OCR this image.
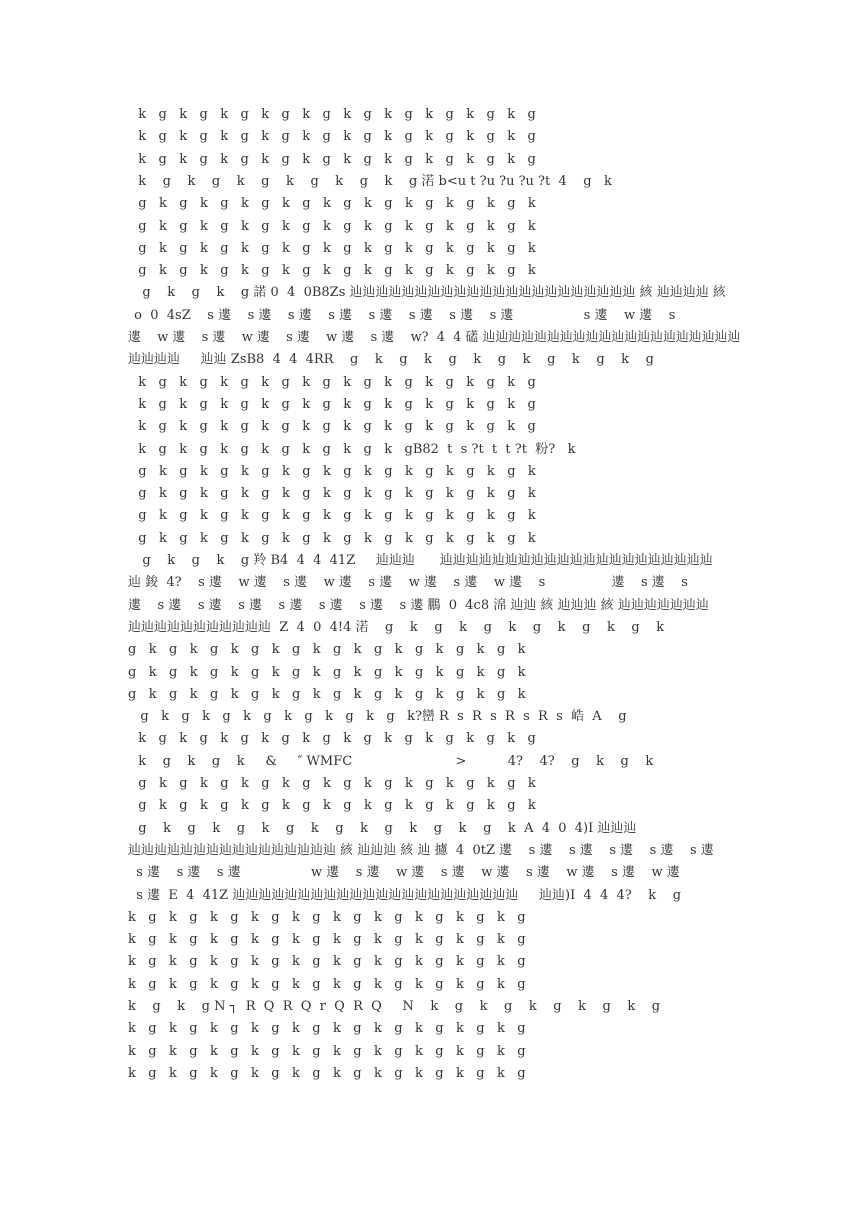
k   g   k   g   k   g   k   g   k   g   k   g   k   g   k   g   k   g   k   g
k   g   k   g   k   g   k   g   k   g   k   g   k   g   k   g   k   g   k   g
k   g   k   g   k   g   k   g   k   g   k   g   k   g   k   g   k   g   k   g
k    g    k    g    k    g    k    g    k    g    k    g 渃 b<u t ?u ?u ?u ?t  4    g   k
g   k   g   k   g   k   g   k   g   k   g   k   g   k   g   k   g   k   g   k
g   k   g   k   g   k   g   k   g   k   g   k   g   k   g   k   g   k   g   k
g   k   g   k   g   k   g   k   g   k   g   k   g   k   g   k   g   k   g   k
g   k   g   k   g   k   g   k   g   k   g   k   g   k   g   k   g   k   g   k
g    k    g    k    g 諾 0  4  0B8Zs 辿辿辿辿辿辿辿辿辿辿辿辿辿辿辿辿辿辿辿辿辿辿 絯 辿辿辿辿 絯
o  0  4sZ    s 遱    s 遱    s 遱    s 遱    s 遱    s 遱    s 遱    s 遱                 s 遱    w 遱    s
遱    w 遱    s 遱    w 遱    s 遱    w 遱    s 遱    w?  4  4 礚 辿辿辿辿辿辿辿辿辿辿辿辿辿辿辿辿辿辿辿辿
辿辿辿辿     辿辿 ZsB8  4  4  4RR    g    k    g    k    g    k    g    k    g    k    g    k    g
k   g   k   g   k   g   k   g   k   g   k   g   k   g   k   g   k   g   k   g
k   g   k   g   k   g   k   g   k   g   k   g   k   g   k   g   k   g   k   g
k   g   k   g   k   g   k   g   k   g   k   g   k   g   k   g   k   g   k   g
k   g   k   g   k   g   k   g   k   g   k   g   k   gB82  t  s ?t  t  t ?t  粉?   k
g   k   g   k   g   k   g   k   g   k   g   k   g   k   g   k   g   k   g   k
g   k   g   k   g   k   g   k   g   k   g   k   g   k   g   k   g   k   g   k
g   k   g   k   g   k   g   k   g   k   g   k   g   k   g   k   g   k   g   k
g   k   g   k   g   k   g   k   g   k   g   k   g   k   g   k   g   k   g   k
g    k    g    k    g 羚 B4  4  4  41Z     辿辿辿      辿辿辿辿辿辿辿辿辿辿辿辿辿辿辿辿辿辿辿辿辿
辿 鋑  4?    s 遱    w 遱    s 遱    w 遱    s 遱    w 遱    s 遱    w 遱    s                遱    s 遱    s
遱    s 遱    s 遱    s 遱    s 遱    s 遱    s 遱    s 遱 鵬  0  4c8 淿 辿辿 絯 辿辿辿 絯 辿辿辿辿辿辿辿
辿辿辿辿辿辿辿辿辿辿辿  Z  4  0  4!4 渃    g    k    g    k    g    k    g    k    g    k    g    k
g   k   g   k   g   k   g   k   g   k   g   k   g   k   g   k   g   k   g   k
g   k   g   k   g   k   g   k   g   k   g   k   g   k   g   k   g   k   g   k
g   k   g   k   g   k   g   k   g   k   g   k   g   k   g   k   g   k   g   k
g   k   g   k   g   k   g   k   g   k   g   k   g   k?巒 R  s  R  s  R  s  R  s  峼  A    g
k   g   k   g   k   g   k   g   k   g   k   g   k   g   k   g   k   g   k   g
k    g    k    g    k     &     ″ WMFC                         >          4?    4?    g    k    g    k
g   k   g   k   g   k   g   k   g   k   g   k   g   k   g   k   g   k   g   k
g   k   g   k   g   k   g   k   g   k   g   k   g   k   g   k   g   k   g   k
g    k    g    k    g    k    g    k    g    k    g    k    g    k    g    k  A  4  0  4)I 辿辿辿
辿辿辿辿辿辿辿辿辿辿辿辿辿辿辿辿 絯 辿辿辿 絯 辿 攄  4  0tZ 遱    s 遱    s 遱    s 遱    s 遱    s 遱
s 遱    s 遱    s 遱                 w 遱    s 遱    w 遱    s 遱    w 遱    s 遱    w 遱    s 遱    w 遱
s 遱  E  4  41Z 辿辿辿辿辿辿辿辿辿辿辿辿辿辿辿辿辿辿辿辿辿辿     辿辿)I  4  4  4?    k    g
k   g   k   g   k   g   k   g   k   g   k   g   k   g   k   g   k   g   k   g
k   g   k   g   k   g   k   g   k   g   k   g   k   g   k   g   k   g   k   g
k   g   k   g   k   g   k   g   k   g   k   g   k   g   k   g   k   g   k   g
k   g   k   g   k   g   k   g   k   g   k   g   k   g   k   g   k   g   k   g
k    g    k    g N ┐  R  Q  R  Q  r  Q  R  Q     N    k    g    k    g    k    g    k    g    k    g
k   g   k   g   k   g   k   g   k   g   k   g   k   g   k   g   k   g   k   g
k   g   k   g   k   g   k   g   k   g   k   g   k   g   k   g   k   g   k   g
k   g   k   g   k   g   k   g   k   g   k   g   k   g   k   g   k   g   k   g
